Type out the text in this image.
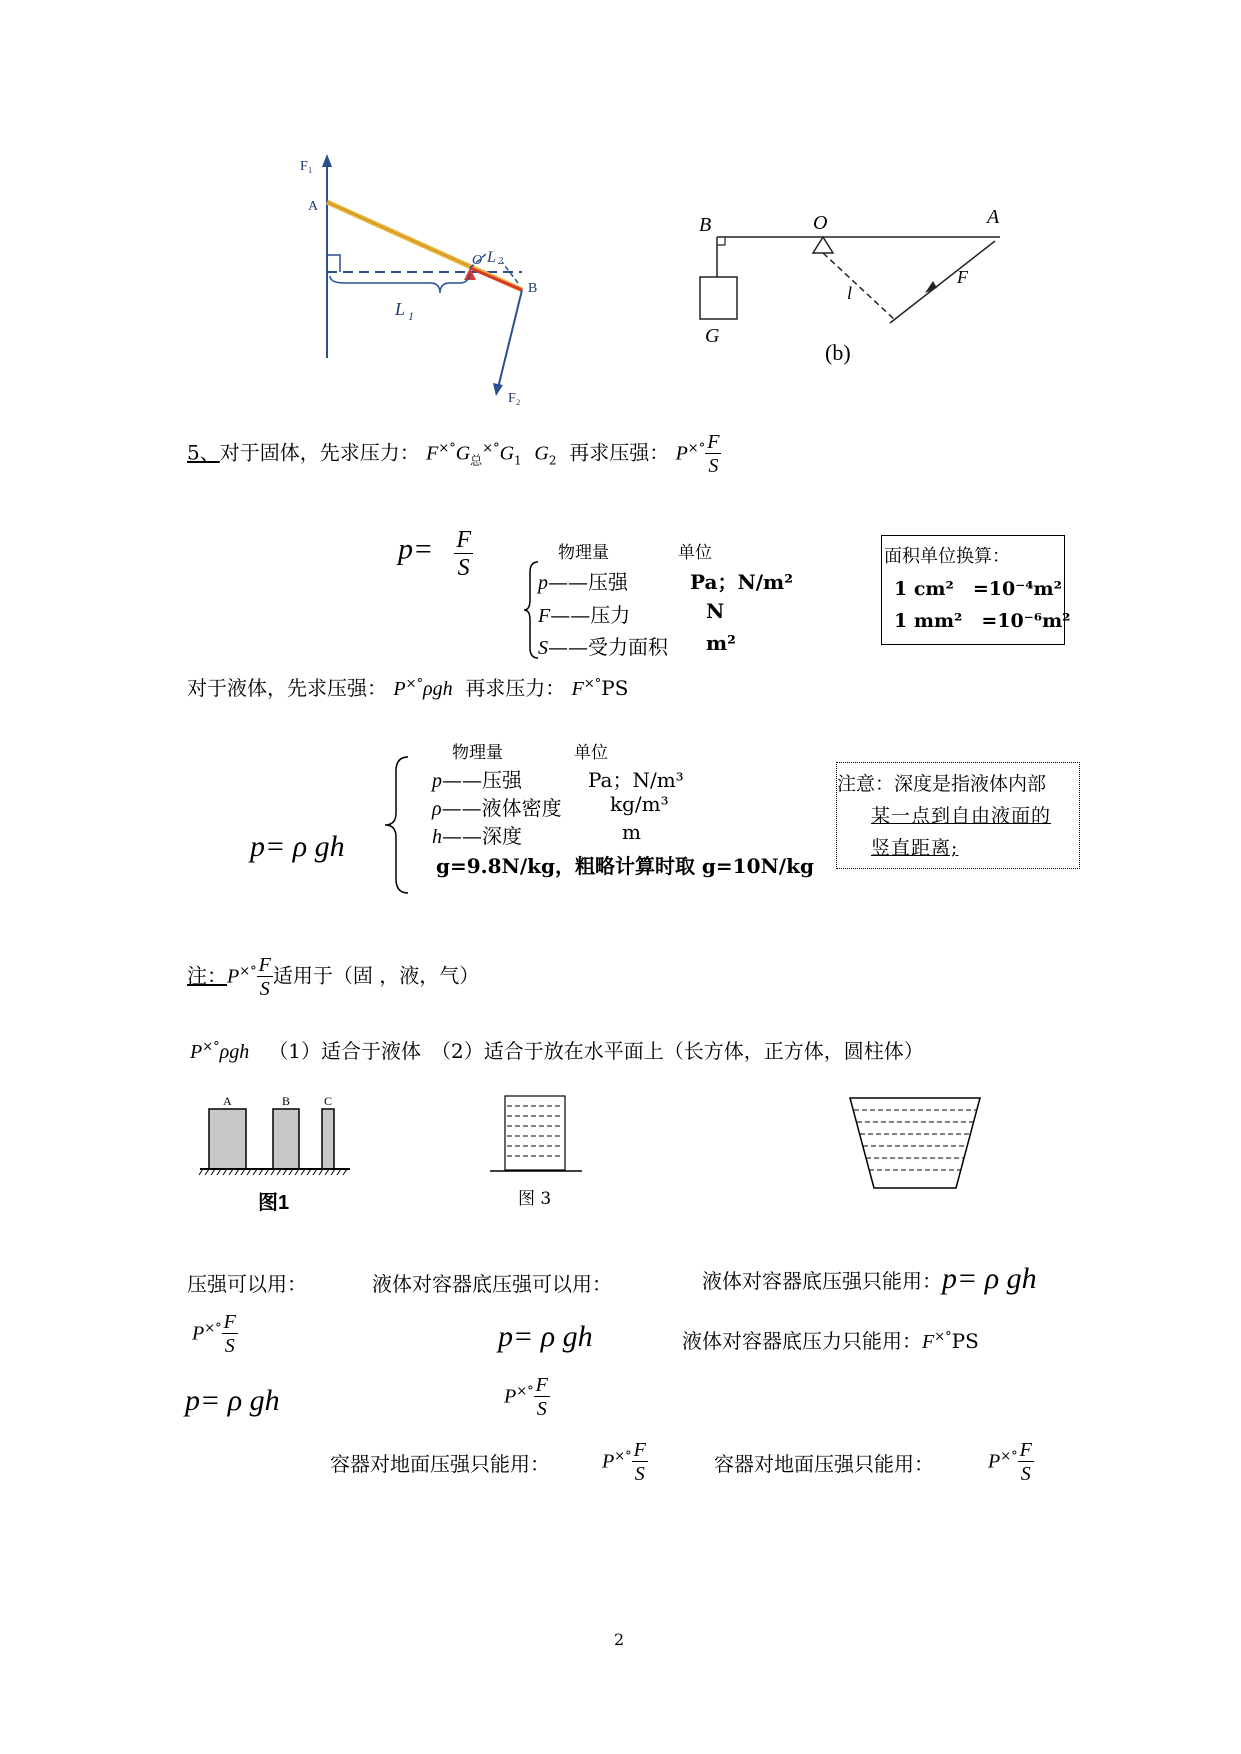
F₁
A
O
B
L 1
L 2
F₂
B	O	A
F
l
G
(b)
5、对于固体，先求压力： $F^{\times^\circ}G_总^{\times^\circ}G_1$ $G_2$ 再求压强： $P^{\times^\circ} \frac{F}{S}$
$p= \frac{F}{S}$	物理量	单位
p——压强	Pa；N/m²
F——压力	N
S——受力面积 m²
面积单位换算：
1 cm²　=10⁻⁴m²
1 mm²　=10⁻⁶m²
对于液体，先求压强： P×°ρgh 再求压力： F×°PS
p= ρ gh
物理量	单位
p——压强	Pa；N/m³
ρ——液体密度 kg/m³
h——深度	m
g=9.8N/kg，粗略计算时取 g=10N/kg
注意：深度是指液体内部
某一点到自由液面的
竖直距离;
注：$P^{\times^\circ} \frac{F}{S}$ 适用于（固 ，液，气）
P×°ρgh （1）适合于液体　（2）适合于放在水平面上（长方体，正方体，圆柱体）
A	B	C
图1	图 3
压强可以用：	液体对容器底压强可以用：	液体对容器底压强只能用：p= ρ gh
$P^{\times^\circ} \frac{F}{S}$	p= ρ gh	液体对容器底压力只能用：F×°PS
p= ρ gh	$P^{\times^\circ} \frac{F}{S}$
容器对地面压强只能用：	$P^{\times^\circ} \frac{F}{S}$	容器对地面压强只能用：	$P^{\times^\circ} \frac{F}{S}$
2
